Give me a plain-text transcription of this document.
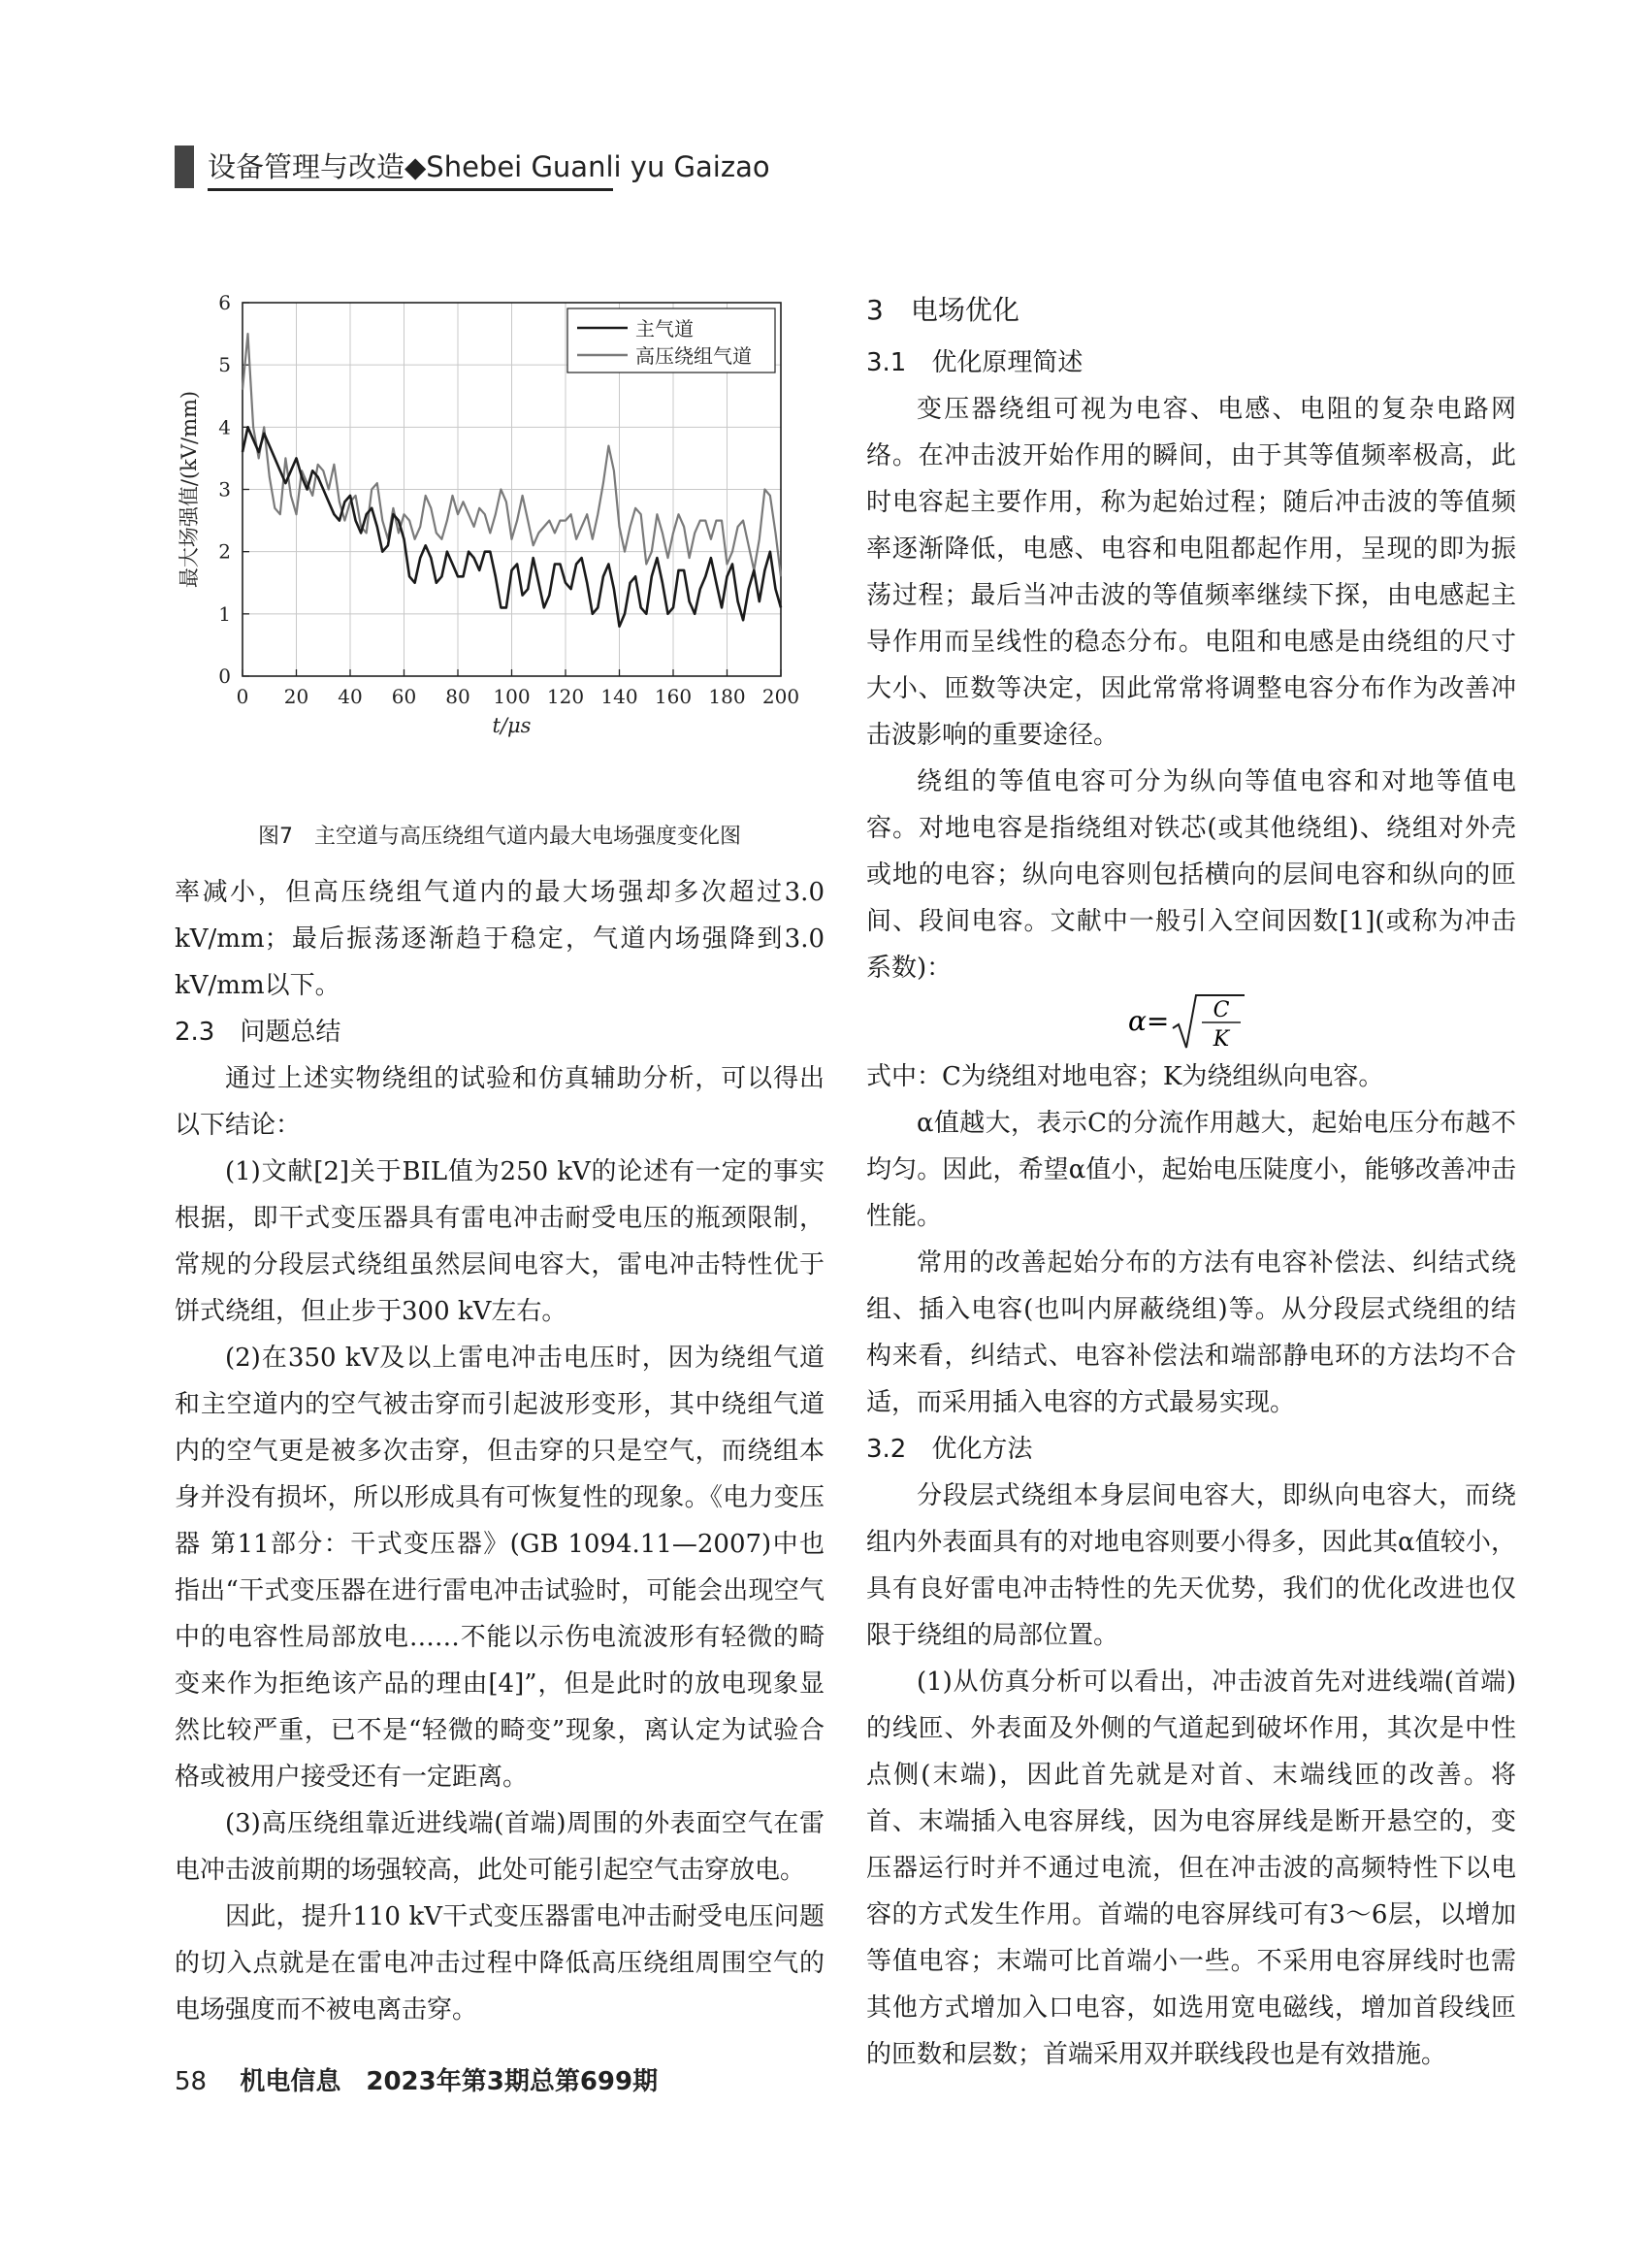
设备管理与改造◆Shebei Guanli yu Gaizao
0 20 40 60 80 100 120 140 160 180 200
0
1
2
3
4
5
6
t/μs
最大场强值/(kV/mm)
主气道
高压绕组气道
图7　主空道与高压绕组气道内最大电场强度变化图

率减小，但高压绕组气道内的最大场强却多次超过3.0 kV/mm；最后振荡逐渐趋于稳定，气道内场强降到3.0 kV/mm以下。

2.3　问题总结

通过上述实物绕组的试验和仿真辅助分析，可以得出以下结论：

(1)文献[2]关于BIL值为250 kV的论述有一定的事实根据，即干式变压器具有雷电冲击耐受电压的瓶颈限制，常规的分段层式绕组虽然层间电容大，雷电冲击特性优于饼式绕组，但止步于300 kV左右。

(2)在350 kV及以上雷电冲击电压时，因为绕组气道和主空道内的空气被击穿而引起波形变形，其中绕组气道内的空气更是被多次击穿，但击穿的只是空气，而绕组本身并没有损坏，所以形成具有可恢复性的现象。《电力变压器 第11部分：干式变压器》(GB 1094.11—2007)中也指出“干式变压器在进行雷电冲击试验时，可能会出现空气中的电容性局部放电……不能以示伤电流波形有轻微的畸变来作为拒绝该产品的理由[4]”，但是此时的放电现象显然比较严重，已不是“轻微的畸变”现象，离认定为试验合格或被用户接受还有一定距离。

(3)高压绕组靠近进线端(首端)周围的外表面空气在雷电冲击波前期的场强较高，此处可能引起空气击穿放电。

因此，提升110 kV干式变压器雷电冲击耐受电压问题的切入点就是在雷电冲击过程中降低高压绕组周围空气的电场强度而不被电离击穿。

3　电场优化
3.1　优化原理简述

变压器绕组可视为电容、电感、电阻的复杂电路网络。在冲击波开始作用的瞬间，由于其等值频率极高，此时电容起主要作用，称为起始过程；随后冲击波的等值频率逐渐降低，电感、电容和电阻都起作用，呈现的即为振荡过程；最后当冲击波的等值频率继续下探，由电感起主导作用而呈线性的稳态分布。电阻和电感是由绕组的尺寸大小、匝数等决定，因此常常将调整电容分布作为改善冲击波影响的重要途径。

绕组的等值电容可分为纵向等值电容和对地等值电容。对地电容是指绕组对铁芯(或其他绕组)、绕组对外壳或地的电容；纵向电容则包括横向的层间电容和纵向的匝间、段间电容。文献中一般引入空间因数[1](或称为冲击系数)：

α= C
K

式中：C为绕组对地电容；K为绕组纵向电容。

α值越大，表示C的分流作用越大，起始电压分布越不均匀。因此，希望α值小，起始电压陡度小，能够改善冲击性能。

常用的改善起始分布的方法有电容补偿法、纠结式绕组、插入电容(也叫内屏蔽绕组)等。从分段层式绕组的结构来看，纠结式、电容补偿法和端部静电环的方法均不合适，而采用插入电容的方式最易实现。

3.2　优化方法

分段层式绕组本身层间电容大，即纵向电容大，而绕组内外表面具有的对地电容则要小得多，因此其α值较小，具有良好雷电冲击特性的先天优势，我们的优化改进也仅限于绕组的局部位置。

(1)从仿真分析可以看出，冲击波首先对进线端(首端)的线匝、外表面及外侧的气道起到破坏作用，其次是中性点侧(末端)，因此首先就是对首、末端线匝的改善。将首、末端插入电容屏线，因为电容屏线是断开悬空的，变压器运行时并不通过电流，但在冲击波的高频特性下以电容的方式发生作用。首端的电容屏线可有3～6层，以增加等值电容；末端可比首端小一些。不采用电容屏线时也需其他方式增加入口电容，如选用宽电磁线，增加首段线匝的匝数和层数；首端采用双并联线段也是有效措施。

58 机电信息　2023年第3期总第699期
